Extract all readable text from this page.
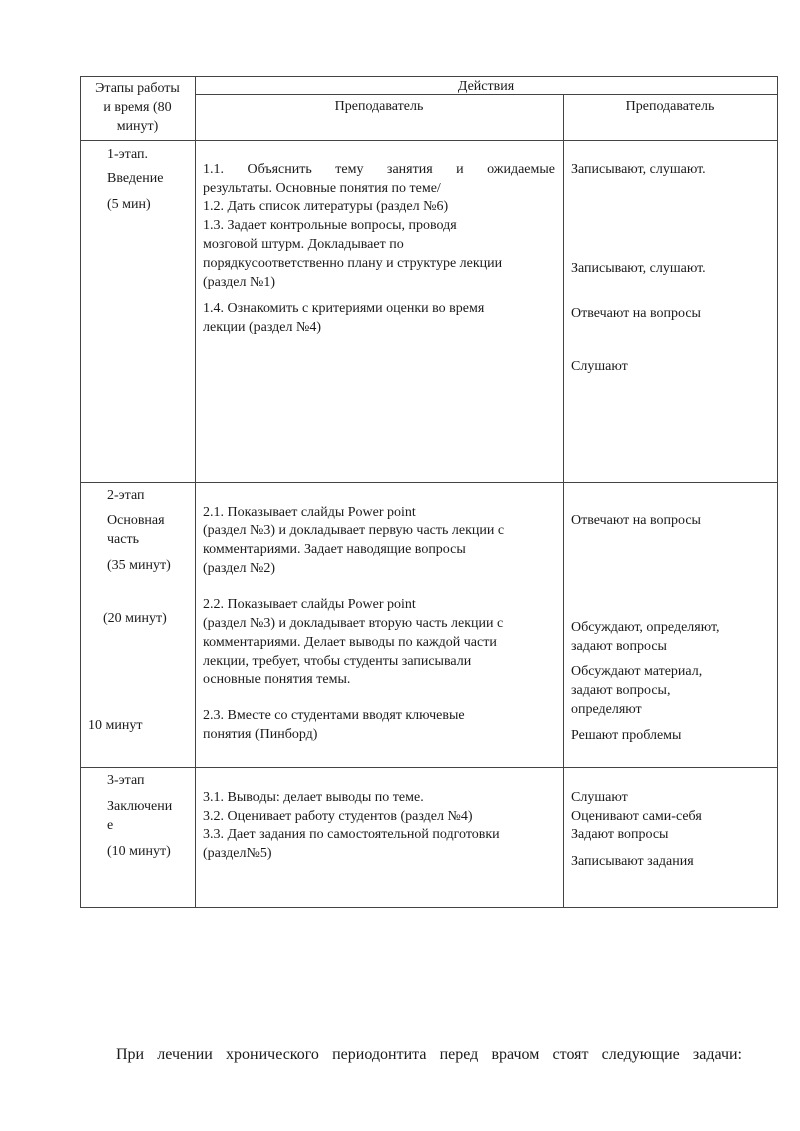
Этапы работы
и время (80
минут)
Действия
Преподаватель	Преподаватель
1-этап.
Введение
(5 мин)
1.1. Объяснить тему занятия и ожидаемые
результаты. Основные понятия по теме/
1.2. Дать список литературы (раздел №6)
1.3. Задает контрольные вопросы, проводя
мозговой штурм. Докладывает по
порядкусоответственно плану и структуре лекции
(раздел №1)
1.4. Ознакомить с критериями оценки во время
лекции (раздел №4)
Записывают, слушают.
Записывают, слушают.
Отвечают на вопросы
Слушают
2-этап
Основная
часть
(35 минут)
(20 минут)
10 минут
2.1. Показывает слайды Power point
(раздел №3) и докладывает первую часть лекции с
комментариями. Задает наводящие вопросы
(раздел №2)
2.2. Показывает слайды Power point
(раздел №3) и докладывает вторую часть лекции с
комментариями. Делает выводы по каждой части
лекции, требует, чтобы студенты записывали
основные понятия темы.
2.3. Вместе со студентами вводят ключевые
понятия (Пинборд)
Отвечают на вопросы
Обсуждают, определяют,
задают вопросы
Обсуждают материал,
задают вопросы,
определяют
Решают проблемы
3-этап
Заключени
е
(10 минут)
3.1. Выводы: делает выводы по теме.
3.2. Оценивает работу студентов (раздел №4)
3.3. Дает задания по самостоятельной подготовки
(раздел№5)
Слушают
Оценивают сами-себя
Задают вопросы
Записывают задания
При лечении хронического периодонтита перед врачом стоят следующие задачи:
